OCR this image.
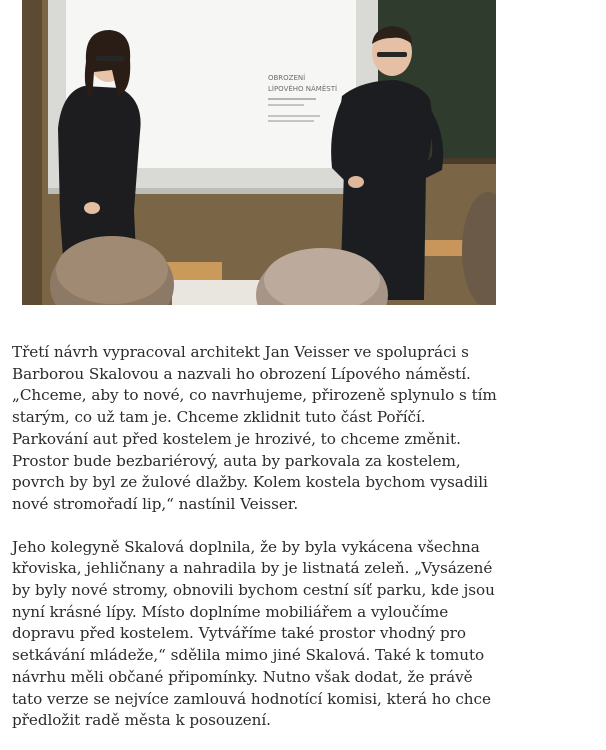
OBROZENÍ
LÍPOVÉHO NÁMĚSTÍ

Třetí návrh vypracoval architekt Jan Veisser ve spolupráci s Barborou Skalovou a nazvali ho obrození Lípového náměstí. „Chceme, aby to nové, co navrhujeme, přirozeně splynulo s tím starým, co už tam je. Chceme zklidnit tuto část Poříčí. Parkování aut před kostelem je hrozivé, to chceme změnit. Prostor bude bezbariérový, auta by parkovala za kostelem, povrch by byl ze žulové dlažby. Kolem kostela bychom vysadili nové stromořadí lip,“ nastínil Veisser.

Jeho kolegyně Skalová doplnila, že by byla vykácena všechna křoviska, jehličnany a nahradila by je listnatá zeleň. „Vysázené by byly nové stromy, obnovili bychom cestní síť parku, kde jsou nyní krásné lípy. Místo doplníme mobiliářem a vyloučíme dopravu před kostelem. Vytváříme také prostor vhodný pro setkávání mládeže,“ sdělila mimo jiné Skalová. Také k tomuto návrhu měli občané připomínky. Nutno však dodat, že právě tato verze se nejvíce zamlouvá hodnotící komisi, která ho chce předložit radě města k posouzení.
